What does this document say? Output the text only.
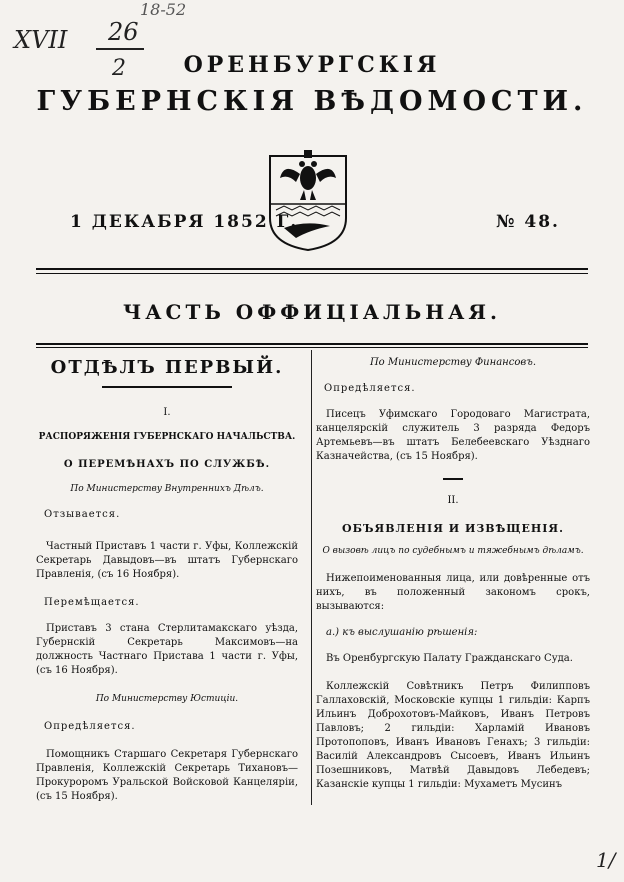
18-52
XVII 26
2	ОРЕНБУРГСКIЯ
ГУБЕРНСКIЯ ВѢДОМОСТИ.
1 ДЕКАБРЯ 1852 Г.	№ 48.
ЧАСТЬ ОФФИЦIАЛЬНАЯ.

ОТДѢЛЪ ПЕРВЫЙ.

I.

РАСПОРЯЖЕНIЯ ГУБЕРНСКАГО НАЧАЛЬСТВА.

О ПЕРЕМѢНАХЪ ПО СЛУЖБѢ.

По Министерству Внутреннихъ Дѣлъ.

Отзывается.

Частный Приставъ 1 части г. Уфы, Коллежскiй Секретарь Давыдовъ—въ штатъ Губернскаго Правленiя, (съ 16 Ноября).

Перемѣщается.

Приставъ 3 стана Стерлитамакскаго уѣзда, Губернскiй Секретарь Максимовъ—на должность Частнаго Пристава 1 части г. Уфы, (съ 16 Ноября).

По Министерству Юстицiи.

Опредѣляется.

Помощникъ Старшаго Секретаря Губернскаго Правленiя, Коллежскiй Секретарь Тихановъ—Прокуроромъ Уральской Войсковой Канцелярiи, (съ 15 Ноября).

По Министерству Финансовъ.

Опредѣляется.

Писецъ Уфимскаго Городоваго Магистрата, канцелярскiй служитель 3 разряда Федоръ Артемьевъ—въ штатъ Белебеевскаго Уѣзднаго Казначейства, (съ 15 Ноября).

II.

ОБЪЯВЛЕНIЯ И ИЗВѢЩЕНIЯ.

О вызовѣ лицъ по судебнымъ и тяжебнымъ дѣламъ.

Нижепоименованныя лица, или довѣренные отъ нихъ, въ положенный закономъ срокъ, вызываются:

а.) къ выслушанiю рѣшенiя:

Въ Оренбургскую Палату Гражданскаго Суда.

Коллежскiй Совѣтникъ Петръ Филипповъ Галлаховскiй, Московскiе купцы 1 гильдiи: Карпъ Ильинъ Доброхотовъ-Майковъ, Иванъ Петровъ Павловъ; 2 гильдiи: Харламiй Ивановъ Протопоповъ, Иванъ Ивановъ Генахъ; 3 гильдiи: Василiй Александровъ Сысоевъ, Иванъ Ильинъ Позешниковъ, Матвѣй Давыдовъ Лебедевъ; Казанскiе купцы 1 гильдiи: Мухаметъ Мусинъ

1/
